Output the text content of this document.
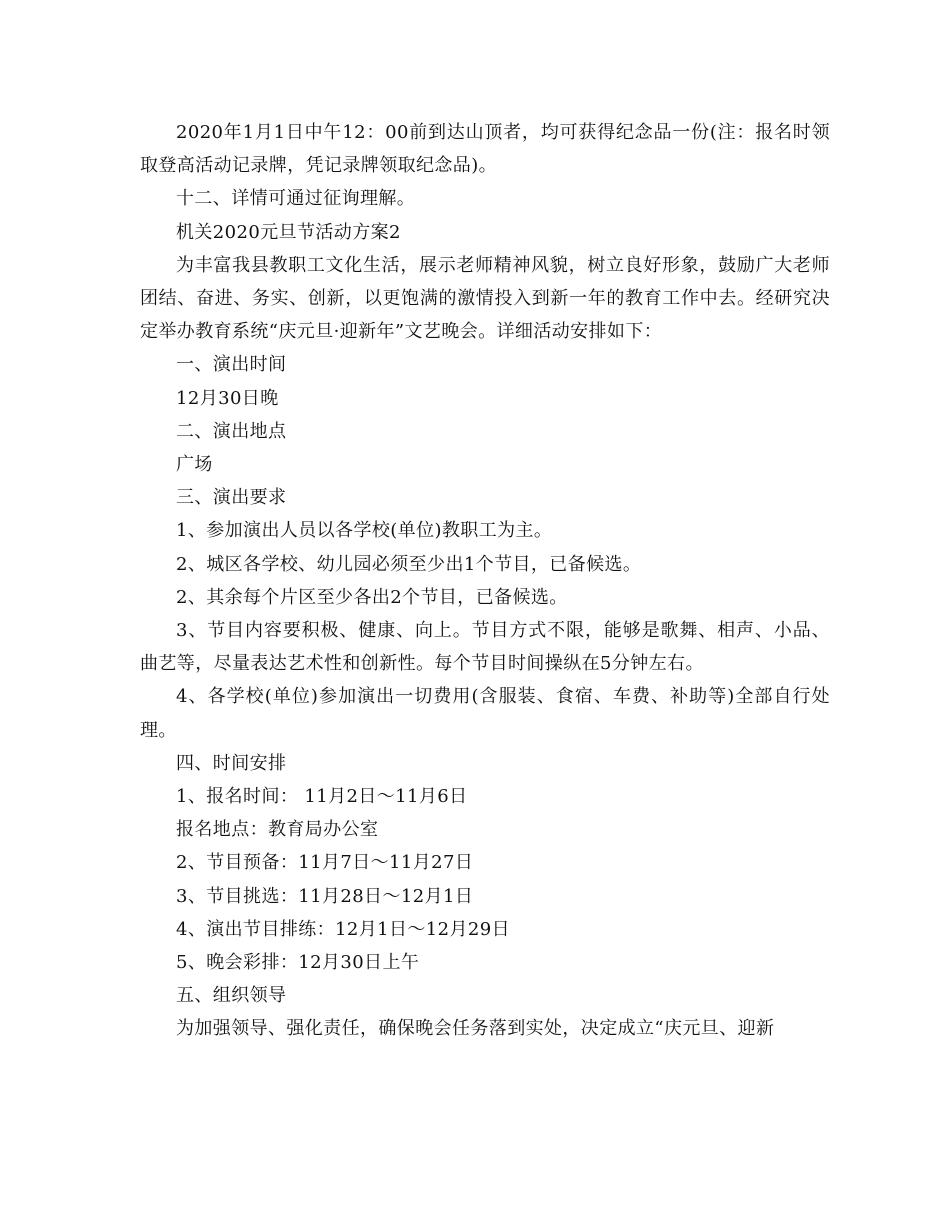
2020年1月1日中午12：00前到达山顶者，均可获得纪念品一份(注：报名时领取登高活动记录牌，凭记录牌领取纪念品)。

十二、详情可通过征询理解。

机关2020元旦节活动方案2

为丰富我县教职工文化生活，展示老师精神风貌，树立良好形象，鼓励广大老师团结、奋进、务实、创新，以更饱满的激情投入到新一年的教育工作中去。经研究决定举办教育系统“庆元旦·迎新年”文艺晚会。详细活动安排如下：

一、演出时间

12月30日晚

二、演出地点

广场

三、演出要求

1、参加演出人员以各学校(单位)教职工为主。

2、城区各学校、幼儿园必须至少出1个节目，已备候选。

2、其余每个片区至少各出2个节目，已备候选。

3、节目内容要积极、健康、向上。节目方式不限，能够是歌舞、相声、小品、曲艺等，尽量表达艺术性和创新性。每个节目时间操纵在5分钟左右。

4、各学校(单位)参加演出一切费用(含服装、食宿、车费、补助等)全部自行处理。

四、时间安排

1、报名时间： 11月2日～11月6日

报名地点：教育局办公室

2、节目预备：11月7日～11月27日

3、节目挑选：11月28日～12月1日

4、演出节目排练：12月1日～12月29日

5、晚会彩排：12月30日上午

五、组织领导

为加强领导、强化责任，确保晚会任务落到实处，决定成立“庆元旦、迎新
